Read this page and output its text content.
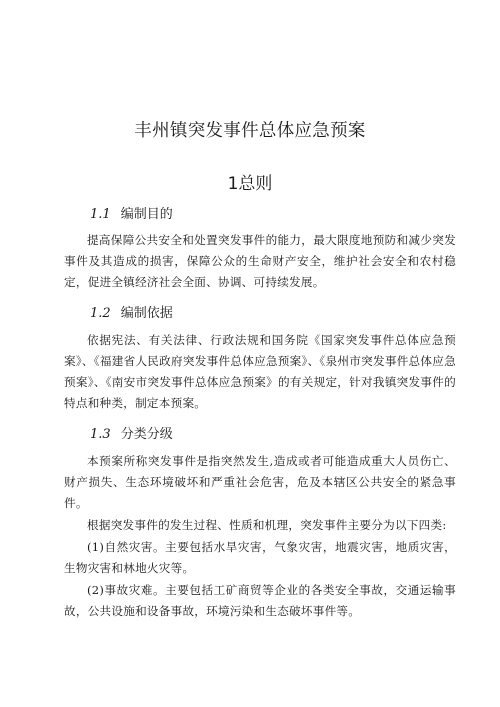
丰州镇突发事件总体应急预案
1总则
1.1 编制目的

提高保障公共安全和处置突发事件的能力，最大限度地预防和减少突发事件及其造成的损害，保障公众的生命财产安全，维护社会安全和农村稳定，促进全镇经济社会全面、协调、可持续发展。

1.2 编制依据

依据宪法、有关法律、行政法规和国务院《国家突发事件总体应急预案》、《福建省人民政府突发事件总体应急预案》、《泉州市突发事件总体应急预案》、《南安市突发事件总体应急预案》的有关规定，针对我镇突发事件的特点和种类，制定本预案。

1.3 分类分级

本预案所称突发事件是指突然发生,造成或者可能造成重大人员伤亡、财产损失、生态环境破坏和严重社会危害，危及本辖区公共安全的紧急事件。

根据突发事件的发生过程、性质和机理，突发事件主要分为以下四类:

(1)自然灾害。主要包括水旱灾害，气象灾害，地震灾害，地质灾害，生物灾害和林地火灾等。

(2)事故灾难。主要包括工矿商贸等企业的各类安全事故，交通运输事故，公共设施和设备事故，环境污染和生态破坏事件等。
